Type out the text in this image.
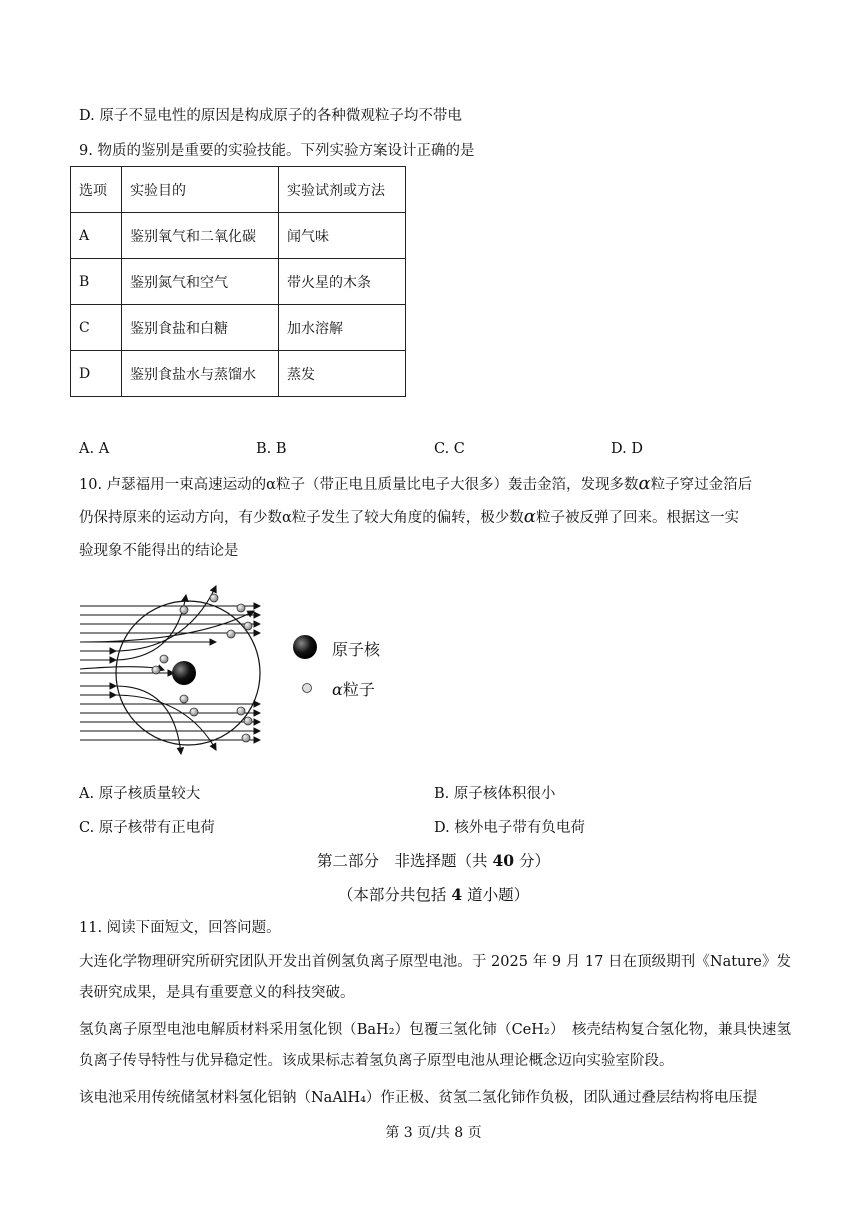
D. 原子不显电性的原因是构成原子的各种微观粒子均不带电
9. 物质的鉴别是重要的实验技能。下列实验方案设计正确的是
选项	实验目的	实验试剂或方法
A	鉴别氧气和二氧化碳	闻气味
B	鉴别氮气和空气	带火星的木条
C	鉴别食盐和白糖	加水溶解
D	鉴别食盐水与蒸馏水	蒸发
A. A	B. B	C. C	D. D
10. 卢瑟福用一束高速运动的α粒子（带正电且质量比电子大很多）轰击金箔，发现多数α粒子穿过金箔后
仍保持原来的运动方向，有少数α粒子发生了较大角度的偏转，极少数α粒子被反弹了回来。根据这一实
验现象不能得出的结论是
原子核
α粒子
A. 原子核质量较大	B. 原子核体积很小
C. 原子核带有正电荷	D. 核外电子带有负电荷
第二部分　非选择题（共 40 分）
（本部分共包括 4 道小题）
11. 阅读下面短文，回答问题。
大连化学物理研究所研究团队开发出首例氢负离子原型电池。于 2025 年 9 月 17 日在顶级期刊《Nature》发表研究成果，是具有重要意义的科技突破。
氢负离子原型电池电解质材料采用氢化钡（BaH₂）包覆三氢化铈（CeH₂）　核壳结构复合氢化物，兼具快速氢负离子传导特性与优异稳定性。该成果标志着氢负离子原型电池从理论概念迈向实验室阶段。
该电池采用传统储氢材料氢化铝钠（NaAlH₄）作正极、贫氢二氢化铈作负极，团队通过叠层结构将电压提
第 3 页/共 8 页
